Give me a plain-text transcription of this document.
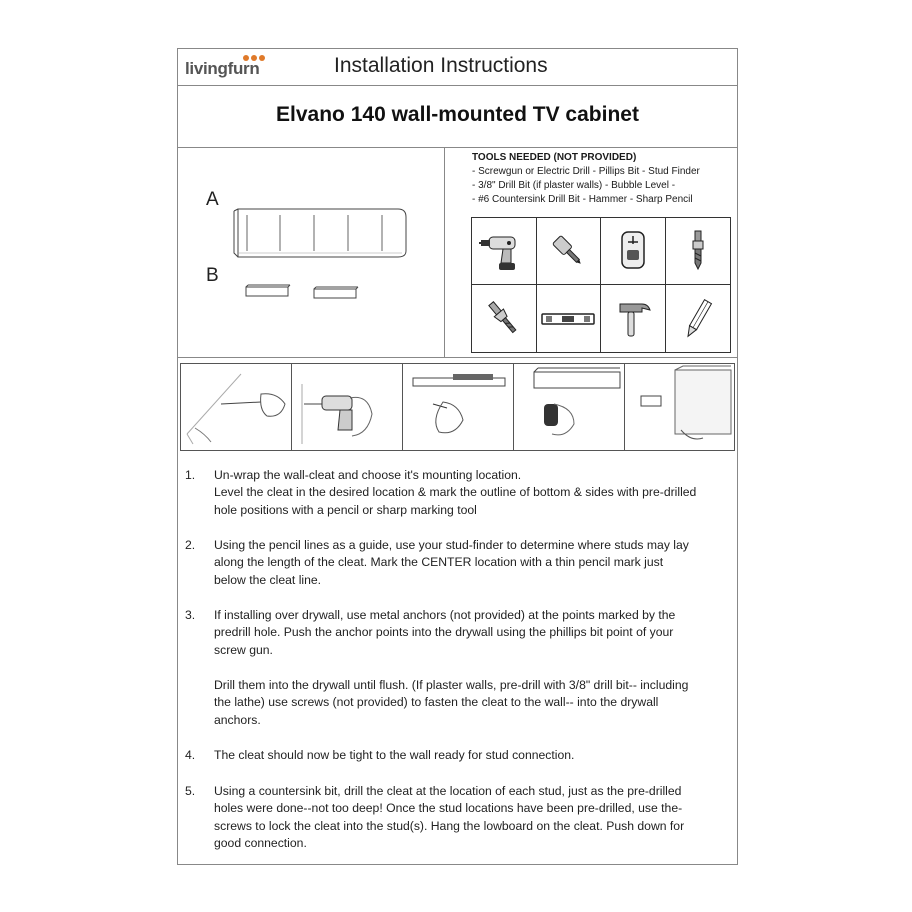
livingfurn	Installation Instructions
Elvano 140 wall-mounted TV cabinet
A
B
TOOLS NEEDED (NOT PROVIDED)
- Screwgun or Electric Drill - Pillips Bit - Stud Finder
- 3/8" Drill Bit (if plaster walls) - Bubble Level -
- #6 Countersink Drill Bit - Hammer - Sharp Pencil
1. Un-wrap the wall-cleat and choose it's mounting location.
Level the cleat in the desired location & mark the outline of bottom & sides with pre-drilled
hole positions with a pencil or sharp marking tool
2. Using the pencil lines as a guide, use your stud-finder to determine where studs may lay
along the length of the cleat. Mark the CENTER location with a thin pencil mark just
below the cleat line.
3. If installing over drywall, use metal anchors (not provided) at the points marked by the
predrill hole. Push the anchor points into the drywall using the phillips bit point of your
screw gun.
Drill them into the drywall until flush. (If plaster walls, pre-drill with 3/8" drill bit-- including
the lathe) use screws (not provided) to fasten the cleat to the wall-- into the drywall
anchors.
4. The cleat should now be tight to the wall ready for stud connection.
5. Using a countersink bit, drill the cleat at the location of each stud, just as the pre-drilled
holes were done--not too deep! Once the stud locations have been pre-drilled, use the-
screws to lock the cleat into the stud(s). Hang the lowboard on the cleat. Push down for
good connection.
